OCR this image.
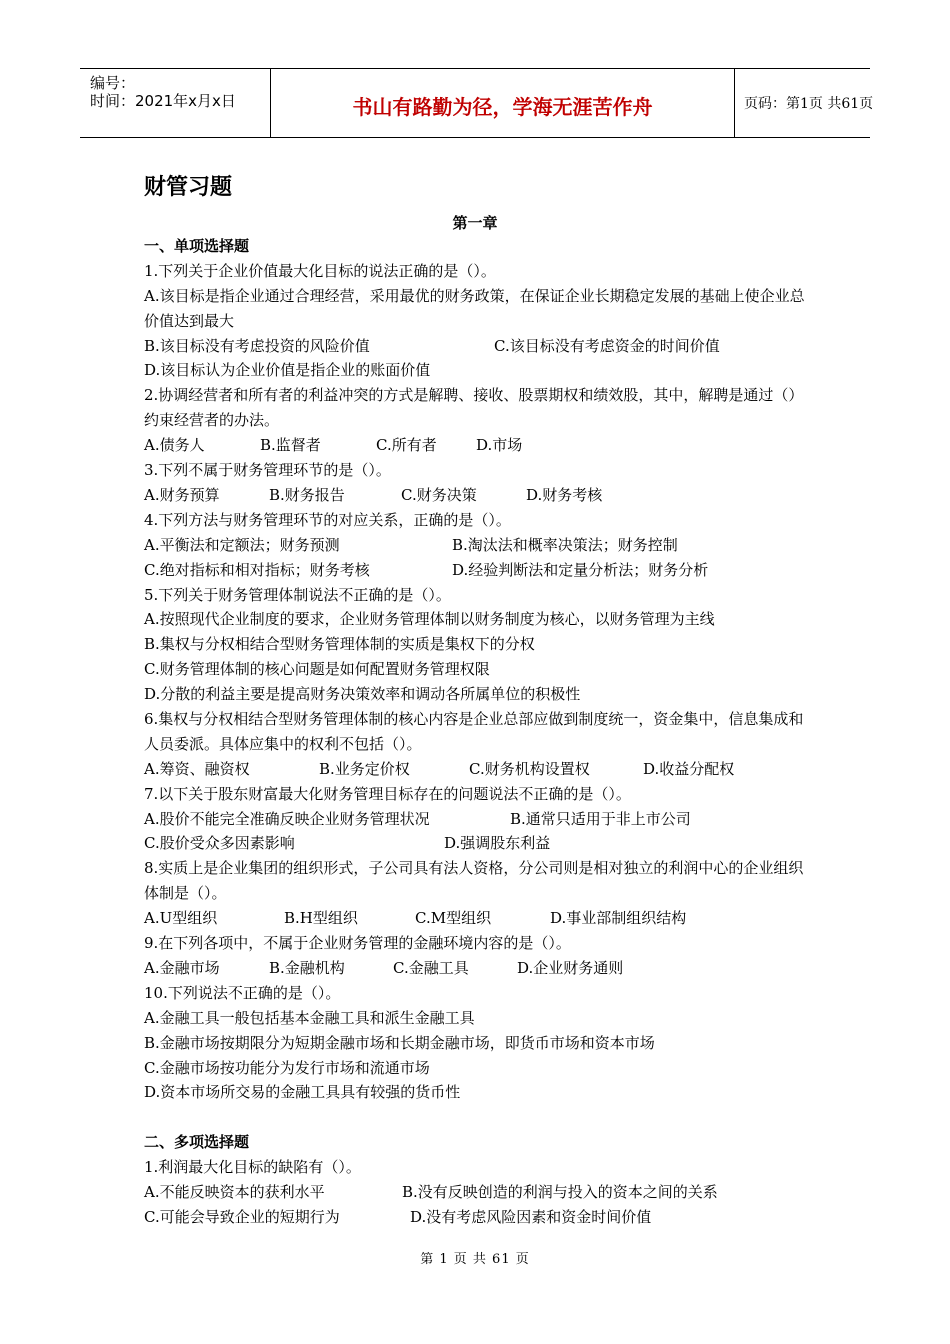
编号：
时间：2021年x月x日	书山有路勤为径，学海无涯苦作舟	页码：第1页 共61页
财管习题
第一章
一、单项选择题
1.下列关于企业价值最大化目标的说法正确的是（）。
A.该目标是指企业通过合理经营，采用最优的财务政策，在保证企业长期稳定发展的基础上使企业总价值达到最大
B.该目标没有考虑投资的风险价值	C.该目标没有考虑资金的时间价值
D.该目标认为企业价值是指企业的账面价值
2.协调经营者和所有者的利益冲突的方式是解聘、接收、股票期权和绩效股，其中，解聘是通过（）约束经营者的办法。
A.债务人	B.监督者	C.所有者	D.市场
3.下列不属于财务管理环节的是（）。
A.财务预算	B.财务报告	C.财务决策	D.财务考核
4.下列方法与财务管理环节的对应关系，正确的是（）。
A.平衡法和定额法；财务预测	B.淘汰法和概率决策法；财务控制
C.绝对指标和相对指标；财务考核	D.经验判断法和定量分析法；财务分析
5.下列关于财务管理体制说法不正确的是（）。
A.按照现代企业制度的要求，企业财务管理体制以财务制度为核心，以财务管理为主线
B.集权与分权相结合型财务管理体制的实质是集权下的分权
C.财务管理体制的核心问题是如何配置财务管理权限
D.分散的利益主要是提高财务决策效率和调动各所属单位的积极性
6.集权与分权相结合型财务管理体制的核心内容是企业总部应做到制度统一，资金集中，信息集成和人员委派。具体应集中的权利不包括（）。
A.筹资、融资权	B.业务定价权	C.财务机构设置权	D.收益分配权
7.以下关于股东财富最大化财务管理目标存在的问题说法不正确的是（）。
A.股价不能完全准确反映企业财务管理状况	B.通常只适用于非上市公司
C.股价受众多因素影响	D.强调股东利益
8.实质上是企业集团的组织形式，子公司具有法人资格，分公司则是相对独立的利润中心的企业组织体制是（）。
A.U型组织	B.H型组织	C.M型组织	D.事业部制组织结构
9.在下列各项中，不属于企业财务管理的金融环境内容的是（）。
A.金融市场	B.金融机构	C.金融工具	D.企业财务通则
10.下列说法不正确的是（）。
A.金融工具一般包括基本金融工具和派生金融工具
B.金融市场按期限分为短期金融市场和长期金融市场，即货币市场和资本市场
C.金融市场按功能分为发行市场和流通市场
D.资本市场所交易的金融工具具有较强的货币性
二、多项选择题
1.利润最大化目标的缺陷有（）。
A.不能反映资本的获利水平	B.没有反映创造的利润与投入的资本之间的关系
C.可能会导致企业的短期行为	D.没有考虑风险因素和资金时间价值
第 1 页 共 61 页
